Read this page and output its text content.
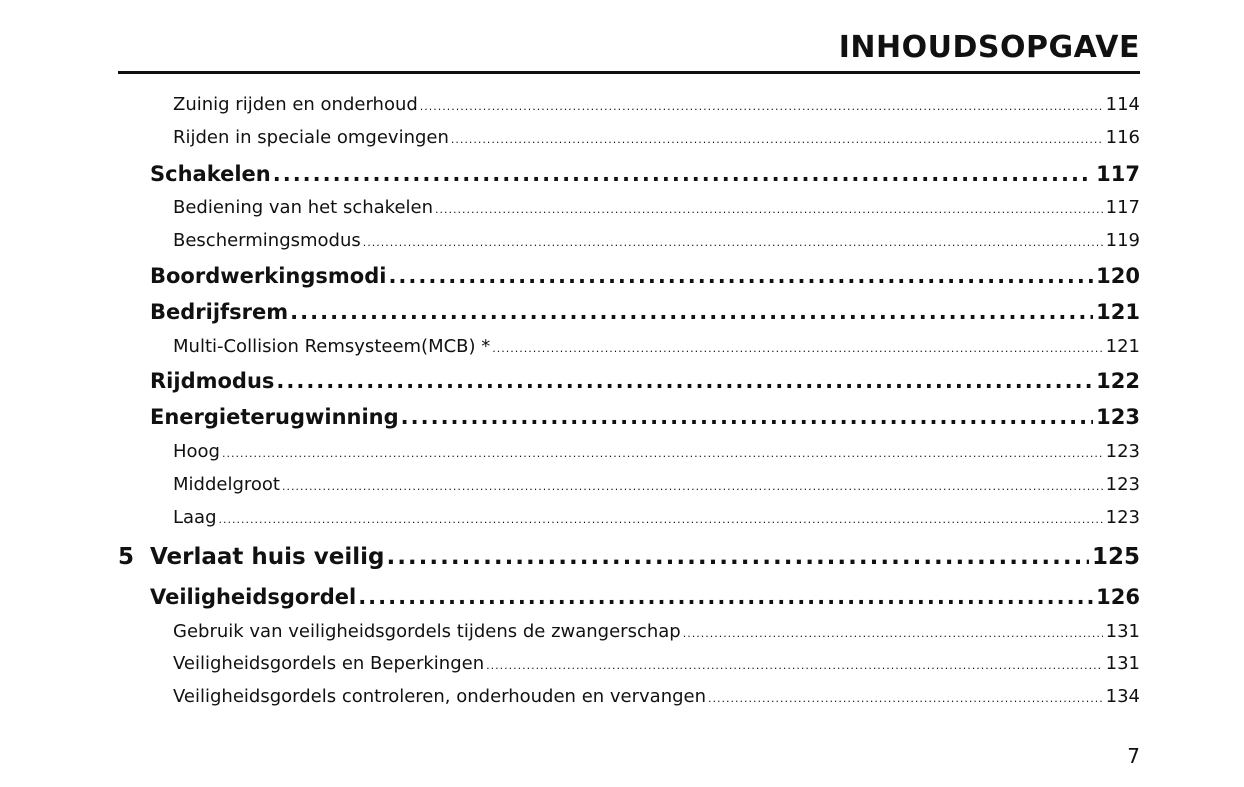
INHOUDSOPGAVE
Zuinig rijden en onderhoud .....	114
Rijden in speciale omgevingen .....	116
Schakelen .....	117
Bediening van het schakelen .....	117
Beschermingsmodus .....	119
Boordwerkingsmodi .....	120
Bedrijfsrem .....	121
Multi-Collision Remsysteem(MCB) * .....	121
Rijdmodus .....	122
Energieterugwinning .....	123
Hoog .....	123
Middelgroot .....	123
Laag .....	123
5 Verlaat huis veilig .....	125
Veiligheidsgordel .....	126
Gebruik van veiligheidsgordels tijdens de zwangerschap .....	131
Veiligheidsgordels en Beperkingen .....	131
Veiligheidsgordels controleren, onderhouden en vervangen .....	134
7
